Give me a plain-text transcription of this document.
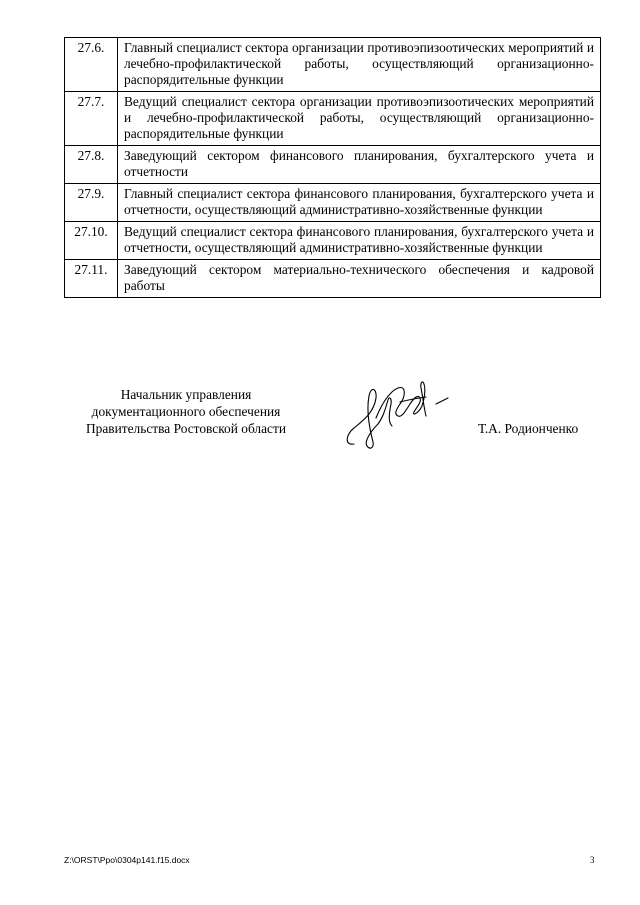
27.6.	Главный специалист сектора организации противоэпизоотических мероприятий и лечебно-профилактической работы, осуществляющий организационно-распорядительные функции
27.7.	Ведущий специалист сектора организации противоэпизоотических мероприятий и лечебно-профилактической работы, осуществляющий организационно-распорядительные функции
27.8.	Заведующий сектором финансового планирования, бухгалтерского учета и отчетности
27.9.	Главный специалист сектора финансового планирования, бухгалтерского учета и отчетности, осуществляющий административно-хозяйственные функции
27.10.	Ведущий специалист сектора финансового планирования, бухгалтерского учета и отчетности, осуществляющий административно-хозяйственные функции
27.11.	Заведующий сектором материально-технического обеспечения и кадровой работы
Начальник управления
документационного обеспечения
Правительства Ростовской области	Т.А. Родионченко
Z:\ORST\Ppo\0304p141.f15.docx	3
